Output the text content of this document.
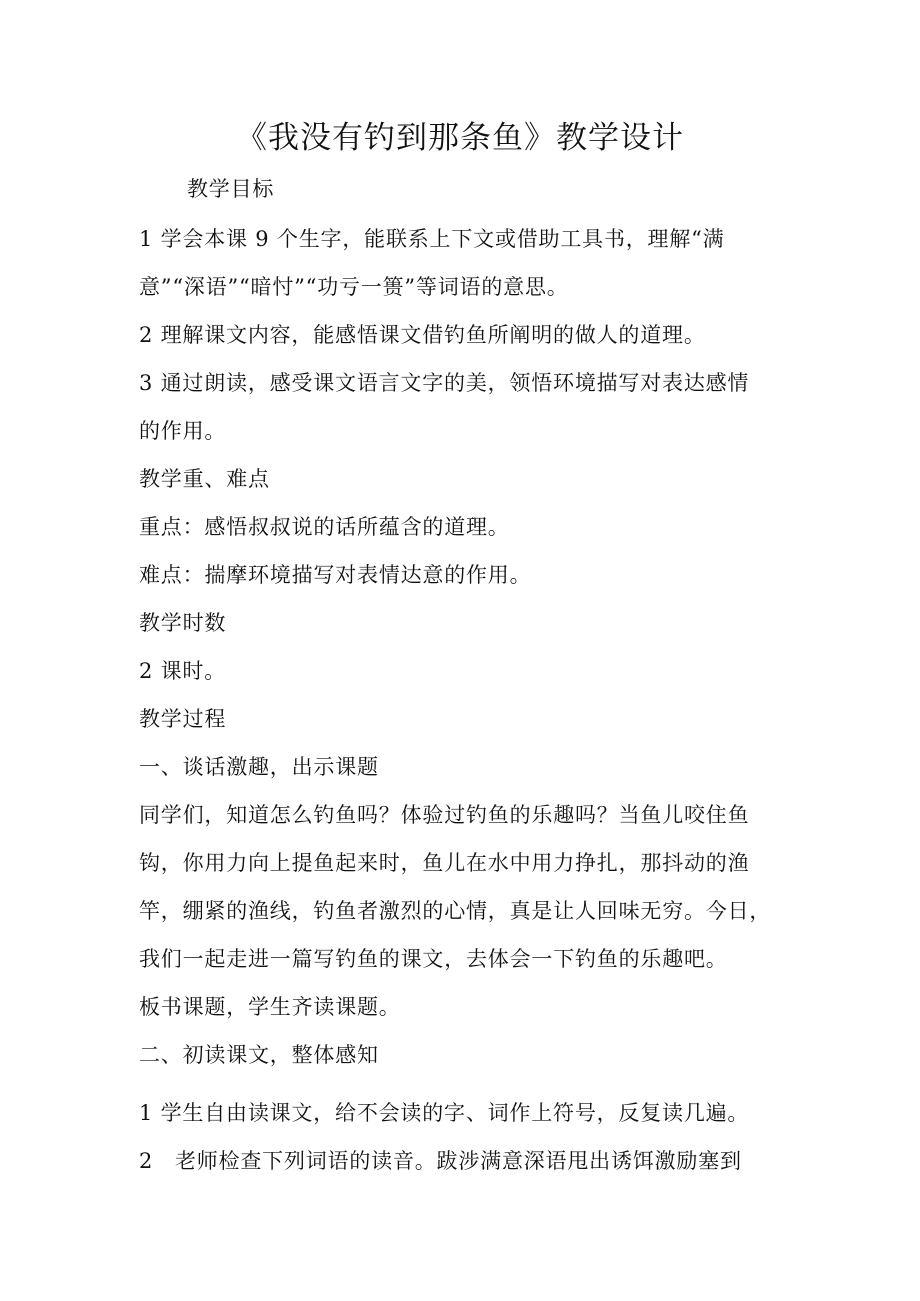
《我没有钓到那条鱼》教学设计

教学目标

1 学会本课 9 个生字，能联系上下文或借助工具书，理解“满

意”“深语”“暗忖”“功亏一篑”等词语的意思。

2 理解课文内容，能感悟课文借钓鱼所阐明的做人的道理。

3 通过朗读，感受课文语言文字的美，领悟环境描写对表达感情

的作用。

教学重、难点

重点：感悟叔叔说的话所蕴含的道理。

难点：揣摩环境描写对表情达意的作用。

教学时数

2 课时。

教学过程

一、谈话激趣，出示课题

同学们，知道怎么钓鱼吗？体验过钓鱼的乐趣吗？当鱼儿咬住鱼

钩，你用力向上提鱼起来时，鱼儿在水中用力挣扎，那抖动的渔

竿，绷紧的渔线，钓鱼者激烈的心情，真是让人回味无穷。今日，

我们一起走进一篇写钓鱼的课文，去体会一下钓鱼的乐趣吧。

板书课题，学生齐读课题。

二、初读课文，整体感知

1 学生自由读课文，给不会读的字、词作上符号，反复读几遍。

2　老师检查下列词语的读音。跋涉满意深语甩出诱饵激励塞到
